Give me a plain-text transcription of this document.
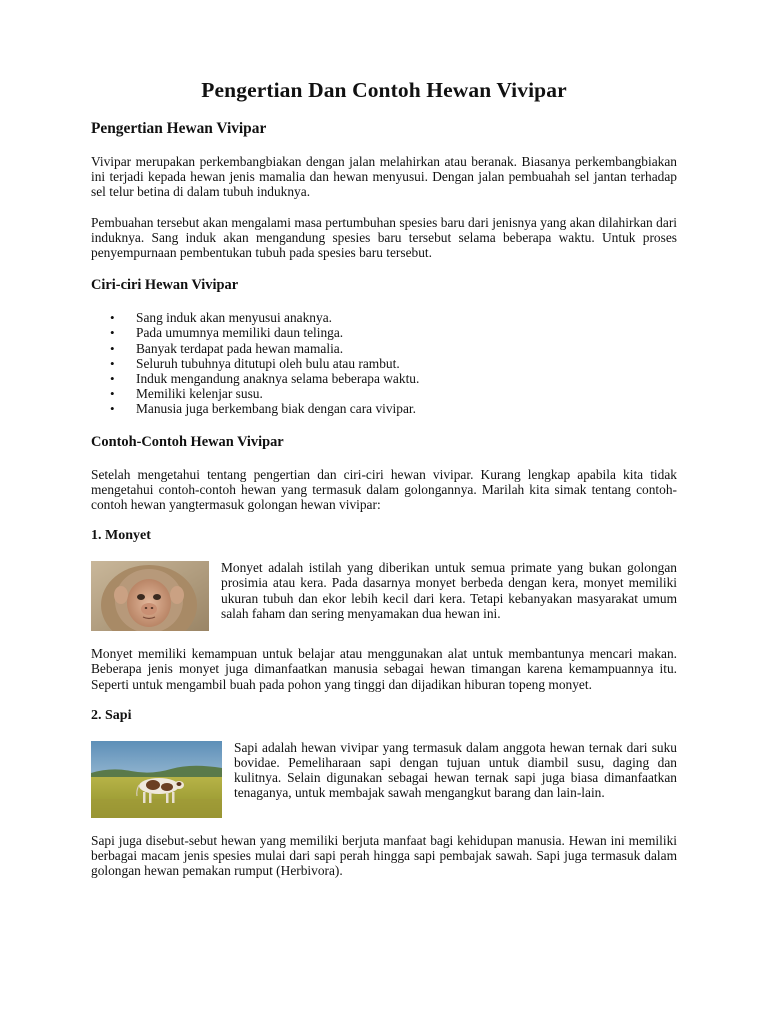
Pengertian Dan Contoh Hewan Vivipar
Pengertian Hewan Vivipar

Vivipar merupakan perkembangbiakan dengan jalan melahirkan atau beranak. Biasanya perkembangbiakan ini terjadi kepada hewan jenis mamalia dan hewan menyusui. Dengan jalan pembuahah sel jantan terhadap sel telur betina di dalam tubuh induknya.

Pembuahan tersebut akan mengalami masa pertumbuhan spesies baru dari jenisnya yang akan dilahirkan dari induknya. Sang induk akan mengandung spesies baru tersebut selama beberapa waktu. Untuk proses penyempurnaan pembentukan tubuh pada spesies baru tersebut.

Ciri-ciri Hewan Vivipar
• Sang induk akan menyusui anaknya.
• Pada umumnya memiliki daun telinga.
• Banyak terdapat pada hewan mamalia.
• Seluruh tubuhnya ditutupi oleh bulu atau rambut.
• Induk mengandung anaknya selama beberapa waktu.
• Memiliki kelenjar susu.
• Manusia juga berkembang biak dengan cara vivipar.
Contoh-Contoh Hewan Vivipar

Setelah mengetahui tentang pengertian dan ciri-ciri hewan vivipar. Kurang lengkap apabila kita tidak mengetahui contoh-contoh hewan yang termasuk dalam golongannya. Marilah kita simak tentang contoh-contoh hewan yangtermasuk golongan hewan vivipar:

1. Monyet

Monyet adalah istilah yang diberikan untuk semua primate yang bukan golongan prosimia atau kera. Pada dasarnya monyet berbeda dengan kera, monyet memiliki ukuran tubuh dan ekor lebih kecil dari kera. Tetapi kebanyakan masyarakat umum salah faham dan sering menyamakan dua hewan ini.

Monyet memiliki kemampuan untuk belajar atau menggunakan alat untuk membantunya mencari makan. Beberapa jenis monyet juga dimanfaatkan manusia sebagai hewan timangan karena kemampuannya itu. Seperti untuk mengambil buah pada pohon yang tinggi dan dijadikan hiburan topeng monyet.

2. Sapi

Sapi adalah hewan vivipar yang termasuk dalam anggota hewan ternak dari suku bovidae. Pemeliharaan sapi dengan tujuan untuk diambil susu, daging dan kulitnya. Selain digunakan sebagai hewan ternak sapi juga biasa dimanfaatkan tenaganya, untuk membajak sawah mengangkut barang dan lain-lain.

Sapi juga disebut-sebut hewan yang memiliki berjuta manfaat bagi kehidupan manusia. Hewan ini memiliki berbagai macam jenis spesies mulai dari sapi perah hingga sapi pembajak sawah. Sapi juga termasuk dalam golongan hewan pemakan rumput (Herbivora).
